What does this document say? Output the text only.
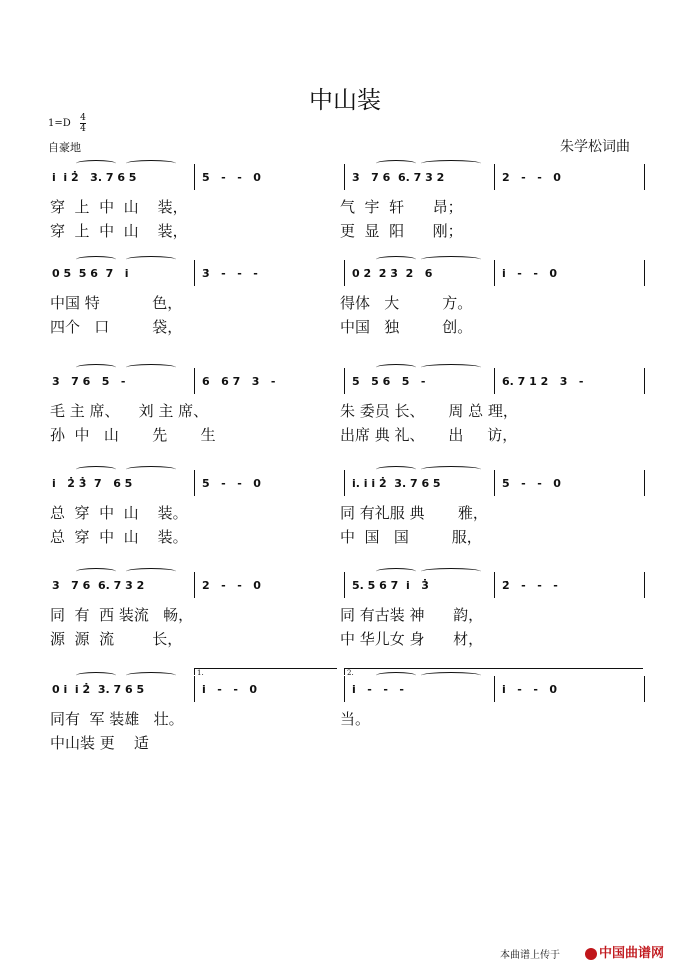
中山装
1=D 4
4
自豪地	朱学松词曲
i  i 2̇   3. 7 6 5	5   -   -   0	3   7 6  6. 7 3 2	2   -   -   0
穿  上  中  山    装，	气  宇  轩      昂；
穿  上  中  山    装，	更  显  阳      刚；
0 5  5 6  7   i	3̇   -   -   -	0 2̇  2̇ 3̇  2̇   6	i   -   -   0
中国 特           色，	得体   大         方。
四个   口         袋，	中国   独         创。
3   7 6   5   -	6   6 7   3   -	5   5 6   5   -	6. 7 1 2   3   -
毛 主 席、    刘 主 席、	朱 委员 长、     周 总 理，
孙  中   山       先       生	出席 典 礼、     出     访，
i   2̇ 3̇  7   6 5	5   -   -   0	i. i i 2̇  3. 7 6 5	5   -   -   0
总  穿  中  山    装。	同 有礼服 典       雅，
总  穿  中  山    装。	中  国   国         服，
3   7 6  6. 7 3 2	2   -   -   0	5. 5 6 7  i   3̇	2̇   -   -   -
同  有  西 装流   畅，	同 有古装 神      韵，
源  源  流        长，	中 华儿女 身      材，
0 i  i 2̇  3. 7 6 5	i   -   -   0	i   -   -   -	i   -   -   0
同有  军 装雄   壮。	当。
中山装 更    适
1.	2.
本曲谱上传于	中国曲谱网
